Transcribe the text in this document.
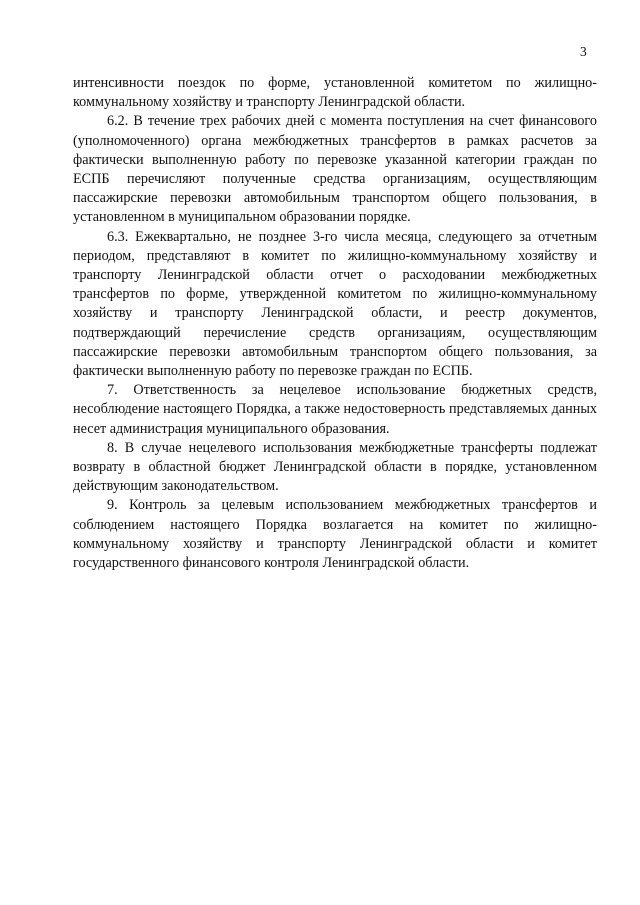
3

интенсивности поездок по форме, установленной комитетом по жилищно-коммунальному хозяйству и транспорту Ленинградской области.

6.2. В течение трех рабочих дней с момента поступления на счет финансового (уполномоченного) органа межбюджетных трансфертов в рамках расчетов за фактически выполненную работу по перевозке указанной категории граждан по ЕСПБ перечисляют полученные средства организациям, осуществляющим пассажирские перевозки автомобильным транспортом общего пользования, в установленном в муниципальном образовании порядке.

6.3. Ежеквартально, не позднее 3-го числа месяца, следующего за отчетным периодом, представляют в комитет по жилищно-коммунальному хозяйству и транспорту Ленинградской области отчет о расходовании межбюджетных трансфертов по форме, утвержденной комитетом по жилищно-коммунальному хозяйству и транспорту Ленинградской области, и реестр документов, подтверждающий перечисление средств организациям, осуществляющим пассажирские перевозки автомобильным транспортом общего пользования, за фактически выполненную работу по перевозке граждан по ЕСПБ.

7. Ответственность за нецелевое использование бюджетных средств, несоблюдение настоящего Порядка, а также недостоверность представляемых данных несет администрация муниципального образования.

8. В случае нецелевого использования межбюджетные трансферты подлежат возврату в областной бюджет Ленинградской области в порядке, установленном действующим законодательством.

9. Контроль за целевым использованием межбюджетных трансфертов и соблюдением настоящего Порядка возлагается на комитет по жилищно-коммунальному хозяйству и транспорту Ленинградской области и комитет государственного финансового контроля Ленинградской области.
